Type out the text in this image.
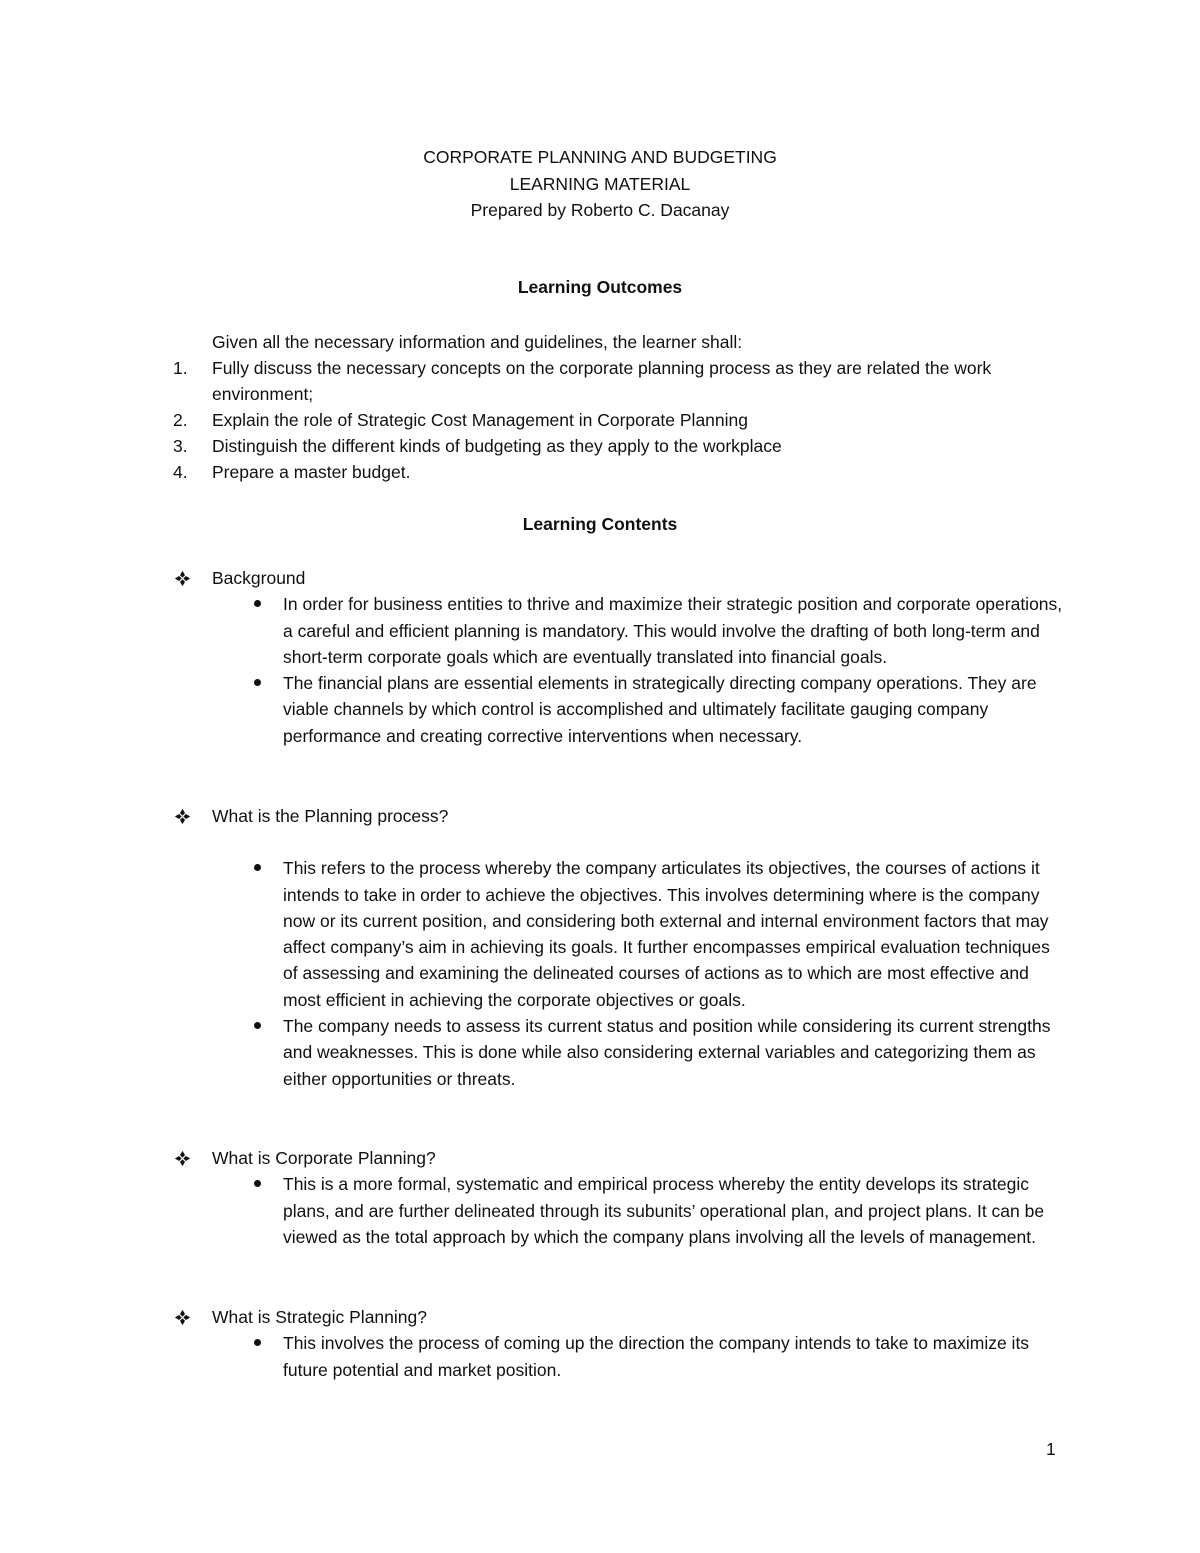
CORPORATE PLANNING AND BUDGETING
LEARNING MATERIAL
Prepared by Roberto C. Dacanay
Learning Outcomes
Given all the necessary information and guidelines, the learner shall:
1. Fully discuss the necessary concepts on the corporate planning process as they are related the work environment;
2. Explain the role of Strategic Cost Management in Corporate Planning
3. Distinguish the different kinds of budgeting as they apply to the workplace
4. Prepare a master budget.
Learning Contents
Background
In order for business entities to thrive and maximize their strategic position and corporate operations, a careful and efficient planning is mandatory. This would involve the drafting of both long-term and short-term corporate goals which are eventually translated into financial goals.
The financial plans are essential elements in strategically directing company operations. They are viable channels by which control is accomplished and ultimately facilitate gauging company performance and creating corrective interventions when necessary.
What is the Planning process?
This refers to the process whereby the company articulates its objectives, the courses of actions it intends to take in order to achieve the objectives. This involves determining where is the company now or its current position, and considering both external and internal environment factors that may affect company’s aim in achieving its goals. It further encompasses empirical evaluation techniques of assessing and examining the delineated courses of actions as to which are most effective and most efficient in achieving the corporate objectives or goals.
The company needs to assess its current status and position while considering its current strengths and weaknesses. This is done while also considering external variables and categorizing them as either opportunities or threats.
What is Corporate Planning?
This is a more formal, systematic and empirical process whereby the entity develops its strategic plans, and are further delineated through its subunits’ operational plan, and project plans. It can be viewed as the total approach by which the company plans involving all the levels of management.
What is Strategic Planning?
This involves the process of coming up the direction the company intends to take to maximize its future potential and market position.
1
